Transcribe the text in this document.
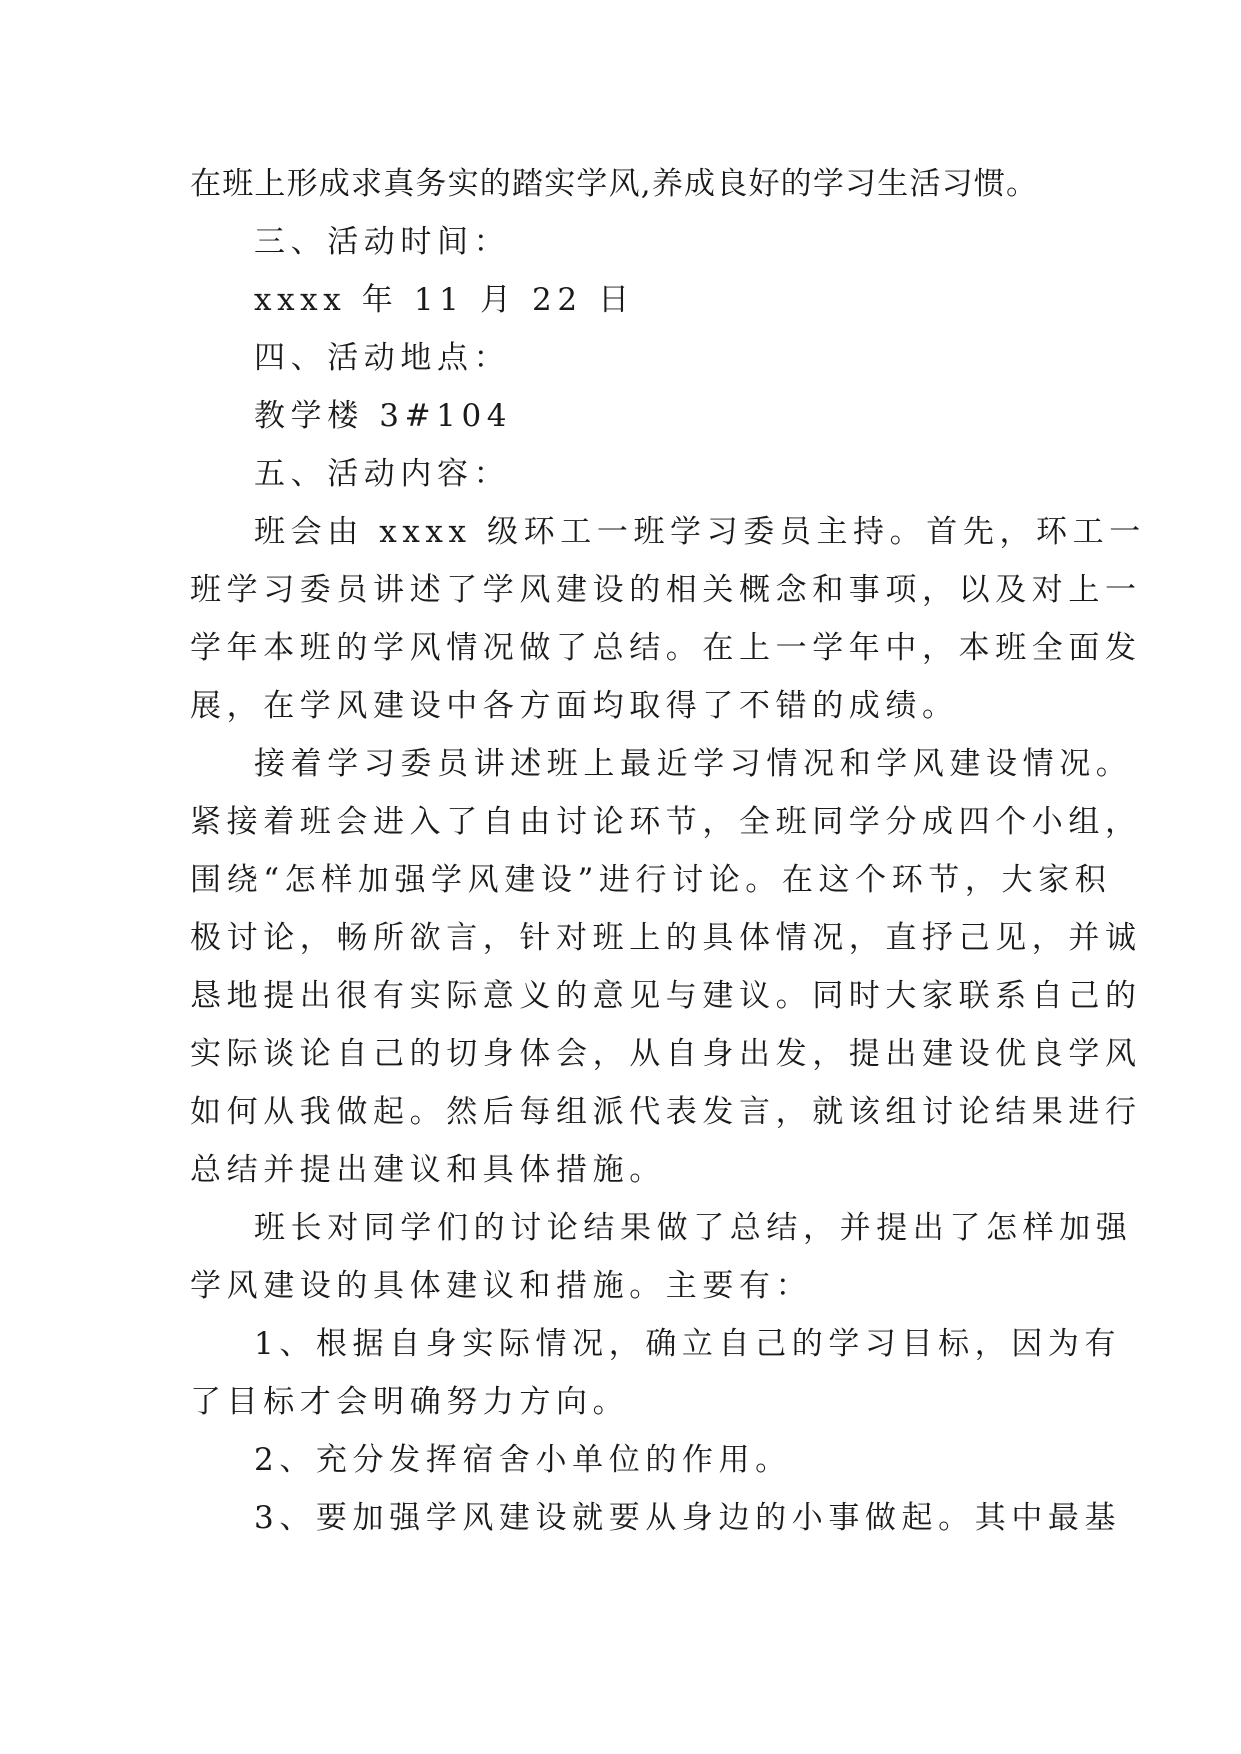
在班上形成求真务实的踏实学风,养成良好的学习生活习惯。
三、活动时间：
xxxx 年 11 月 22 日
四、活动地点：
教学楼 3#104
五、活动内容：
班会由 xxxx 级环工一班学习委员主持。首先，环工一
班学习委员讲述了学风建设的相关概念和事项，以及对上一
学年本班的学风情况做了总结。在上一学年中，本班全面发
展，在学风建设中各方面均取得了不错的成绩。
接着学习委员讲述班上最近学习情况和学风建设情况。
紧接着班会进入了自由讨论环节，全班同学分成四个小组，
围绕“怎样加强学风建设”进行讨论。在这个环节，大家积
极讨论，畅所欲言，针对班上的具体情况，直抒己见，并诚
恳地提出很有实际意义的意见与建议。同时大家联系自己的
实际谈论自己的切身体会，从自身出发，提出建设优良学风
如何从我做起。然后每组派代表发言，就该组讨论结果进行
总结并提出建议和具体措施。
班长对同学们的讨论结果做了总结，并提出了怎样加强
学风建设的具体建议和措施。主要有：
1、根据自身实际情况，确立自己的学习目标，因为有
了目标才会明确努力方向。
2、充分发挥宿舍小单位的作用。
3、要加强学风建设就要从身边的小事做起。其中最基
